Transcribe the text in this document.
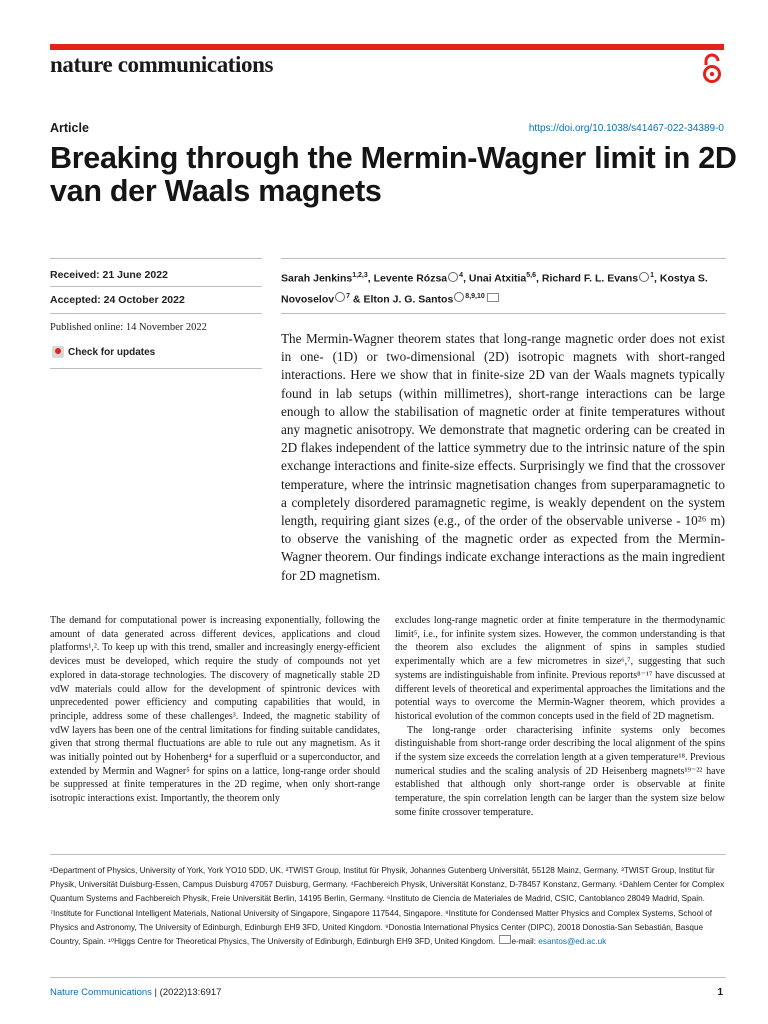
nature communications
Article	https://doi.org/10.1038/s41467-022-34389-0
Breaking through the Mermin-Wagner limit in 2D van der Waals magnets
Received: 21 June 2022
Accepted: 24 October 2022
Published online: 14 November 2022
Check for updates
Sarah Jenkins$^{1,2,3}$, Levente Rózsa $^4$, Unai Atxitia$^{5,6}$, Richard F. L. Evans $^1$, Kostya S. Novoselov $^7$ & Elton J. G. Santos $^{8,9,10}$

The Mermin-Wagner theorem states that long-range magnetic order does not exist in one- (1D) or two-dimensional (2D) isotropic magnets with short-ranged interactions. Here we show that in finite-size 2D van der Waals magnets typically found in lab setups (within millimetres), short-range interactions can be large enough to allow the stabilisation of magnetic order at finite temperatures without any magnetic anisotropy. We demonstrate that magnetic ordering can be created in 2D flakes independent of the lattice symmetry due to the intrinsic nature of the spin exchange interactions and finite-size effects. Surprisingly we find that the crossover temperature, where the intrinsic magnetisation changes from superparamagnetic to a completely disordered paramagnetic regime, is weakly dependent on the system length, requiring giant sizes (e.g., of the order of the observable universe - 10²⁶ m) to observe the vanishing of the magnetic order as expected from the Mermin-Wagner theorem. Our findings indicate exchange interactions as the main ingredient for 2D magnetism.

The demand for computational power is increasing exponentially, following the amount of data generated across different devices, applications and cloud platforms¹,². To keep up with this trend, smaller and increasingly energy-efficient devices must be developed, which require the study of compounds not yet explored in data-storage technologies. The discovery of magnetically stable 2D vdW materials could allow for the development of spintronic devices with unprecedented power efficiency and computing capabilities that would, in principle, address some of these challenges³. Indeed, the magnetic stability of vdW layers has been one of the central limitations for finding suitable candidates, given that strong thermal fluctuations are able to rule out any magnetism. As it was initially pointed out by Hohenberg⁴ for a superfluid or a superconductor, and extended by Mermin and Wagner⁵ for spins on a lattice, long-range order should be suppressed at finite temperatures in the 2D regime, when only short-range isotropic interactions exist. Importantly, the theorem only

excludes long-range magnetic order at finite temperature in the thermodynamic limit⁵, i.e., for infinite system sizes. However, the common understanding is that the theorem also excludes the alignment of spins in samples studied experimentally which are a few micrometres in size⁶,⁷, suggesting that such systems are indistinguishable from infinite. Previous reports⁸⁻¹⁷ have discussed at different levels of theoretical and experimental approaches the limitations and the potential ways to overcome the Mermin-Wagner theorem, which provides a historical evolution of the common concepts used in the field of 2D magnetism.

The long-range order characterising infinite systems only becomes distinguishable from short-range order describing the local alignment of the spins if the system size exceeds the correlation length at a given temperature¹⁸. Previous numerical studies and the scaling analysis of 2D Heisenberg magnets¹⁹⁻²² have established that although only short-range order is observable at finite temperature, the spin correlation length can be larger than the system size below some finite crossover temperature.

¹Department of Physics, University of York, York YO10 5DD, UK. ²TWIST Group, Institut für Physik, Johannes Gutenberg Universität, 55128 Mainz, Germany. ³TWIST Group, Institut für Physik, Universität Duisburg-Essen, Campus Duisburg 47057 Duisburg, Germany. ⁴Fachbereich Physik, Universität Konstanz, D-78457 Konstanz, Germany. ⁵Dahlem Center for Complex Quantum Systems and Fachbereich Physik, Freie Universität Berlin, 14195 Berlin, Germany. ⁶Instituto de Ciencia de Materiales de Madrid, CSIC, Cantoblanco 28049 Madrid, Spain. ⁷Institute for Functional Intelligent Materials, National University of Singapore, Singapore 117544, Singapore. ⁸Institute for Condensed Matter Physics and Complex Systems, School of Physics and Astronomy, The University of Edinburgh, Edinburgh EH9 3FD, United Kingdom. ⁹Donostia International Physics Center (DIPC), 20018 Donostia-San Sebastián, Basque Country, Spain. ¹⁰Higgs Centre for Theoretical Physics, The University of Edinburgh, Edinburgh EH9 3FD, United Kingdom. e-mail: esantos@ed.ac.uk

Nature Communications | (2022)13:6917	1
